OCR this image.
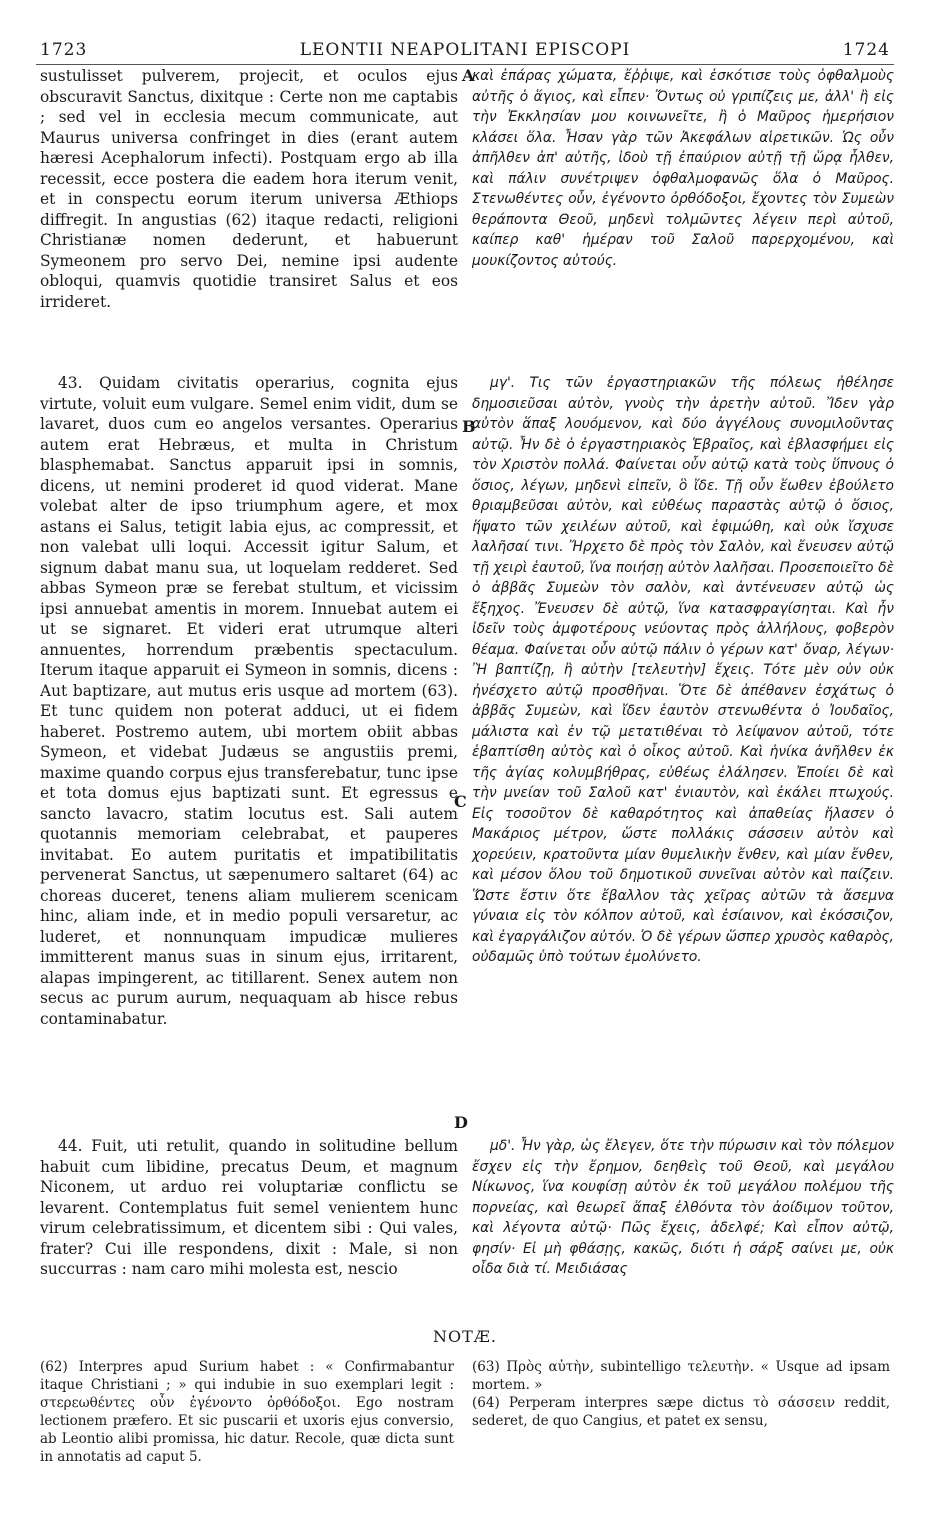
1723	LEONTII NEAPOLITANI EPISCOPI	1724

sustulisset pulverem, projecit, et oculos ejus obscuravit Sanctus, dixitque : Certe non me captabis ; sed vel in ecclesia mecum communicate, aut Maurus universa confringet in dies (erant autem hæresi Acephalorum infecti). Postquam ergo ab illa recessit, ecce postera die eadem hora iterum venit, et in conspectu eorum iterum universa Æthiops diffregit. In angustias (62) itaque redacti, religioni Christianæ nomen dederunt, et habuerunt Symeonem pro servo Dei, nemine ipsi audente obloqui, quamvis quotidie transiret Salus et eos irrideret.

43. Quidam civitatis operarius, cognita ejus virtute, voluit eum vulgare. Semel enim vidit, dum se lavaret, duos cum eo angelos versantes. Operarius autem erat Hebræus, et multa in Christum blasphemabat. Sanctus apparuit ipsi in somnis, dicens, ut nemini proderet id quod viderat. Mane volebat alter de ipso triumphum agere, et mox astans ei Salus, tetigit labia ejus, ac compressit, et non valebat ulli loqui. Accessit igitur Salum, et signum dabat manu sua, ut loquelam redderet. Sed abbas Symeon præ se ferebat stultum, et vicissim ipsi annuebat amentis in morem. Innuebat autem ei ut se signaret. Et videri erat utrumque alteri annuentes, horrendum præbentis spectaculum. Iterum itaque apparuit ei Symeon in somnis, dicens : Aut baptizare, aut mutus eris usque ad mortem (63). Et tunc quidem non poterat adduci, ut ei fidem haberet. Postremo autem, ubi mortem obiit abbas Symeon, et videbat Judæus se angustiis premi, maxime quando corpus ejus transferebatur, tunc ipse et tota domus ejus baptizati sunt. Et egressus e sancto lavacro, statim locutus est. Sali autem quotannis memoriam celebrabat, et pauperes invitabat. Eo autem puritatis et impatibilitatis pervenerat Sanctus, ut sæpenumero saltaret (64) ac choreas duceret, tenens aliam mulierem scenicam hinc, aliam inde, et in medio populi versaretur, ac luderet, et nonnunquam impudicæ mulieres immitterent manus suas in sinum ejus, irritarent, alapas impingerent, ac titillarent. Senex autem non secus ac purum aurum, nequaquam ab hisce rebus contaminabatur.

44. Fuit, uti retulit, quando in solitudine bellum habuit cum libidine, precatus Deum, et magnum Niconem, ut arduo rei voluptariæ conflictu se levarent. Contemplatus fuit semel venientem hunc virum celebratissimum, et dicentem sibi : Qui vales, frater? Cui ille respondens, dixit : Male, si non succurras : nam caro mihi molesta est, nescio

A
B
C
D

καὶ ἐπάρας χώματα, ἔῤῥιψε, καὶ ἐσκότισε τοὺς ὀφθαλμοὺς αὐτῆς ὁ ἅγιος, καὶ εἶπεν· Ὄντως οὐ γριπίζεις με, ἀλλ' ἢ εἰς τὴν Ἐκκλησίαν μου κοινωνεῖτε, ἢ ὁ Μαῦρος ἡμερήσιον κλάσει ὅλα. Ἦσαν γὰρ τῶν Ἀκεφάλων αἱρετικῶν. Ὡς οὖν ἀπῆλθεν ἀπ' αὐτῆς, ἰδοὺ τῇ ἐπαύριον αὐτῇ τῇ ὥρᾳ ἦλθεν, καὶ πάλιν συνέτριψεν ὀφθαλμοφανῶς ὅλα ὁ Μαῦρος. Στενωθέντες οὖν, ἐγένοντο ὀρθόδοξοι, ἔχοντες τὸν Συμεὼν θεράποντα Θεοῦ, μηδενὶ τολμῶντες λέγειν περὶ αὐτοῦ, καίπερ καθ' ἡμέραν τοῦ Σαλοῦ παρερχομένου, καὶ μουκίζοντος αὐτούς.

μγ'. Τις τῶν ἐργαστηριακῶν τῆς πόλεως ἠθέλησε δημοσιεῦσαι αὐτὸν, γνοὺς τὴν ἀρετὴν αὐτοῦ. Ἴδεν γὰρ αὐτὸν ἅπαξ λουόμενον, καὶ δύο ἀγγέλους συνομιλοῦντας αὐτῷ. Ἦν δὲ ὁ ἐργαστηριακὸς Ἑβραῖος, καὶ ἐβλασφήμει εἰς τὸν Χριστὸν πολλά. Φαίνεται οὖν αὐτῷ κατὰ τοὺς ὕπνους ὁ ὅσιος, λέγων, μηδενὶ εἰπεῖν, ὃ ἴδε. Τῇ οὖν ἕωθεν ἐβούλετο θριαμβεῦσαι αὐτὸν, καὶ εὐθέως παραστὰς αὐτῷ ὁ ὅσιος, ἥψατο τῶν χειλέων αὐτοῦ, καὶ ἐφιμώθη, καὶ οὐκ ἴσχυσε λαλῆσαί τινι. Ἤρχετο δὲ πρὸς τὸν Σαλὸν, καὶ ἔνευσεν αὐτῷ τῇ χειρὶ ἑαυτοῦ, ἵνα ποιήσῃ αὐτὸν λαλῆσαι. Προσεποιεῖτο δὲ ὁ ἀββᾶς Συμεὼν τὸν σαλὸν, καὶ ἀντένευσεν αὐτῷ ὡς ἔξηχος. Ἔνευσεν δὲ αὐτῷ, ἵνα κατασφραγίσηται. Καὶ ἦν ἰδεῖν τοὺς ἀμφοτέρους νεύοντας πρὸς ἀλλήλους, φοβερὸν θέαμα. Φαίνεται οὖν αὐτῷ πάλιν ὁ γέρων κατ' ὄναρ, λέγων· Ἢ βαπτίζῃ, ἢ αὐτὴν [τελευτὴν] ἔχεις. Τότε μὲν οὐν οὐκ ἠνέσχετο αὐτῷ προσθῆναι. Ὅτε δὲ ἀπέθανεν ἐσχάτως ὁ ἀββᾶς Συμεὼν, καὶ ἴδεν ἑαυτὸν στενωθέντα ὁ Ἰουδαῖος, μάλιστα καὶ ἐν τῷ μετατιθέναι τὸ λείψανον αὐτοῦ, τότε ἐβαπτίσθη αὐτὸς καὶ ὁ οἶκος αὐτοῦ. Καὶ ἡνίκα ἀνῆλθεν ἐκ τῆς ἁγίας κολυμβήθρας, εὐθέως ἐλάλησεν. Ἐποίει δὲ καὶ τὴν μνείαν τοῦ Σαλοῦ κατ' ἐνιαυτὸν, καὶ ἐκάλει πτωχούς. Εἰς τοσοῦτον δὲ καθαρότητος καὶ ἀπαθείας ἤλασεν ὁ Μακάριος μέτρον, ὥστε πολλάκις σάσσειν αὐτὸν καὶ χορεύειν, κρατοῦντα μίαν θυμελικὴν ἔνθεν, καὶ μίαν ἔνθεν, καὶ μέσον ὅλου τοῦ δημοτικοῦ συνεῖναι αὐτὸν καὶ παίζειν. Ὥστε ἔστιν ὅτε ἔβαλλον τὰς χεῖρας αὐτῶν τὰ ἄσεμνα γύναια εἰς τὸν κόλπον αὐτοῦ, καὶ ἐσίαινον, καὶ ἐκόσσιζον, καὶ ἐγαργάλιζον αὐτόν. Ὁ δὲ γέρων ὥσπερ χρυσὸς καθαρὸς, οὐδαμῶς ὑπὸ τούτων ἐμολύνετο.

μδ'. Ἦν γὰρ, ὡς ἔλεγεν, ὅτε τὴν πύρωσιν καὶ τὸν πόλεμον ἔσχεν εἰς τὴν ἔρημον, δεηθεὶς τοῦ Θεοῦ, καὶ μεγάλου Νίκωνος, ἵνα κουφίσῃ αὐτὸν ἐκ τοῦ μεγάλου πολέμου τῆς πορνείας, καὶ θεωρεῖ ἅπαξ ἐλθόντα τὸν ἀοίδιμον τοῦτον, καὶ λέγοντα αὐτῷ· Πῶς ἔχεις, ἀδελφέ; Καὶ εἶπον αὐτῷ, φησίν· Εἰ μὴ φθάσῃς, κακῶς, διότι ἡ σάρξ σαίνει με, οὐκ οἶδα διὰ τί. Μειδιάσας

NOTÆ.

(62) Interpres apud Surium habet : « Confirmabantur itaque Christiani ; » qui indubie in suo exemplari legit : στερεωθέντες οὖν ἐγένοντο ὀρθόδοξοι. Ego nostram lectionem præfero. Et sic puscarii et uxoris ejus conversio, ab Leontio alibi promissa, hic datur. Recole, quæ dicta sunt in annotatis ad caput 5.

(63) Πρὸς αὐτὴν, subintelligo τελευτὴν. « Usque ad ipsam mortem. »

(64) Perperam interpres sæpe dictus τὸ σάσσειν reddit, sederet, de quo Cangius, et patet ex sensu,
